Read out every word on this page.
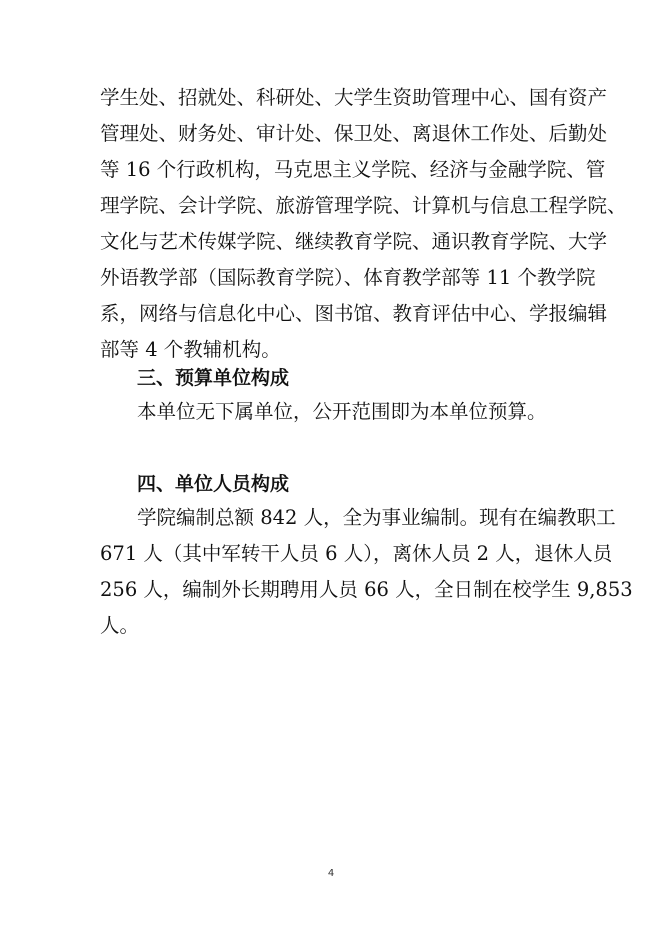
学生处、招就处、科研处、大学生资助管理中心、国有资产
管理处、财务处、审计处、保卫处、离退休工作处、后勤处
等 16 个行政机构，马克思主义学院、经济与金融学院、管
理学院、会计学院、旅游管理学院、计算机与信息工程学院、
文化与艺术传媒学院、继续教育学院、通识教育学院、大学
外语教学部（国际教育学院）、体育教学部等 11 个教学院
系，网络与信息化中心、图书馆、教育评估中心、学报编辑
部等 4 个教辅机构。
三、预算单位构成
本单位无下属单位，公开范围即为本单位预算。
四、单位人员构成
学院编制总额 842 人，全为事业编制。现有在编教职工
671 人（其中军转干人员 6 人），离休人员 2 人，退休人员
256 人，编制外长期聘用人员 66 人，全日制在校学生 9,853
人。
4
